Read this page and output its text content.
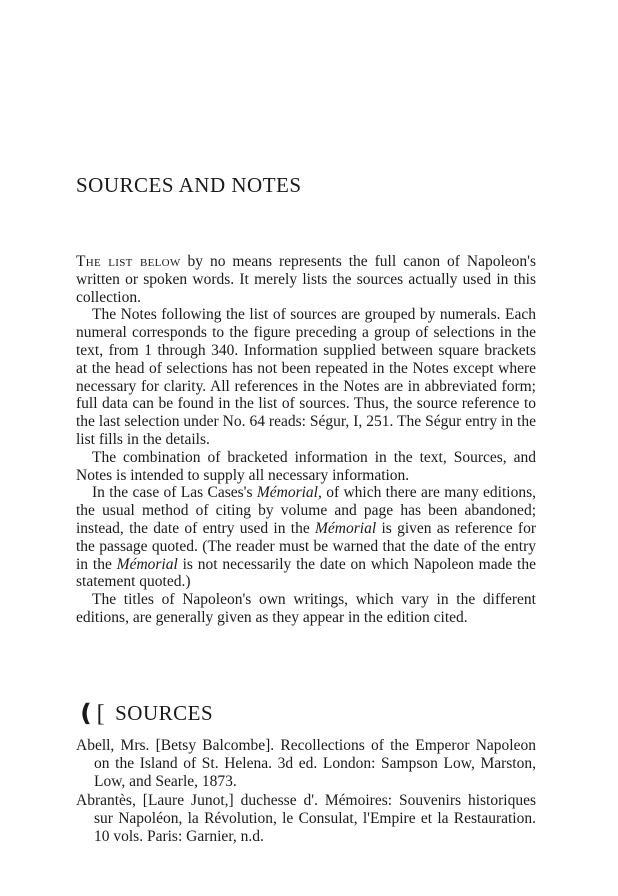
SOURCES AND NOTES

The list below by no means represents the full canon of Napoleon's written or spoken words. It merely lists the sources actually used in this collection.

The Notes following the list of sources are grouped by numerals. Each numeral corresponds to the figure preceding a group of selections in the text, from 1 through 340. Information supplied between square brackets at the head of selections has not been repeated in the Notes except where necessary for clarity. All references in the Notes are in abbreviated form; full data can be found in the list of sources. Thus, the source reference to the last selection under No. 64 reads: Ségur, I, 251. The Ségur entry in the list fills in the details.

The combination of bracketed information in the text, Sources, and Notes is intended to supply all necessary information.

In the case of Las Cases's Mémorial, of which there are many editions, the usual method of citing by volume and page has been abandoned; instead, the date of entry used in the Mémorial is given as reference for the passage quoted. (The reader must be warned that the date of the entry in the Mémorial is not necessarily the date on which Napoleon made the statement quoted.)

The titles of Napoleon's own writings, which vary in the different editions, are generally given as they appear in the edition cited.

❪[ SOURCES

Abell, Mrs. [Betsy Balcombe]. Recollections of the Emperor Napoleon on the Island of St. Helena. 3d ed. London: Sampson Low, Marston, Low, and Searle, 1873.

Abrantès, [Laure Junot,] duchesse d'. Mémoires: Souvenirs historiques sur Napoléon, la Révolution, le Consulat, l'Empire et la Restauration. 10 vols. Paris: Garnier, n.d.
